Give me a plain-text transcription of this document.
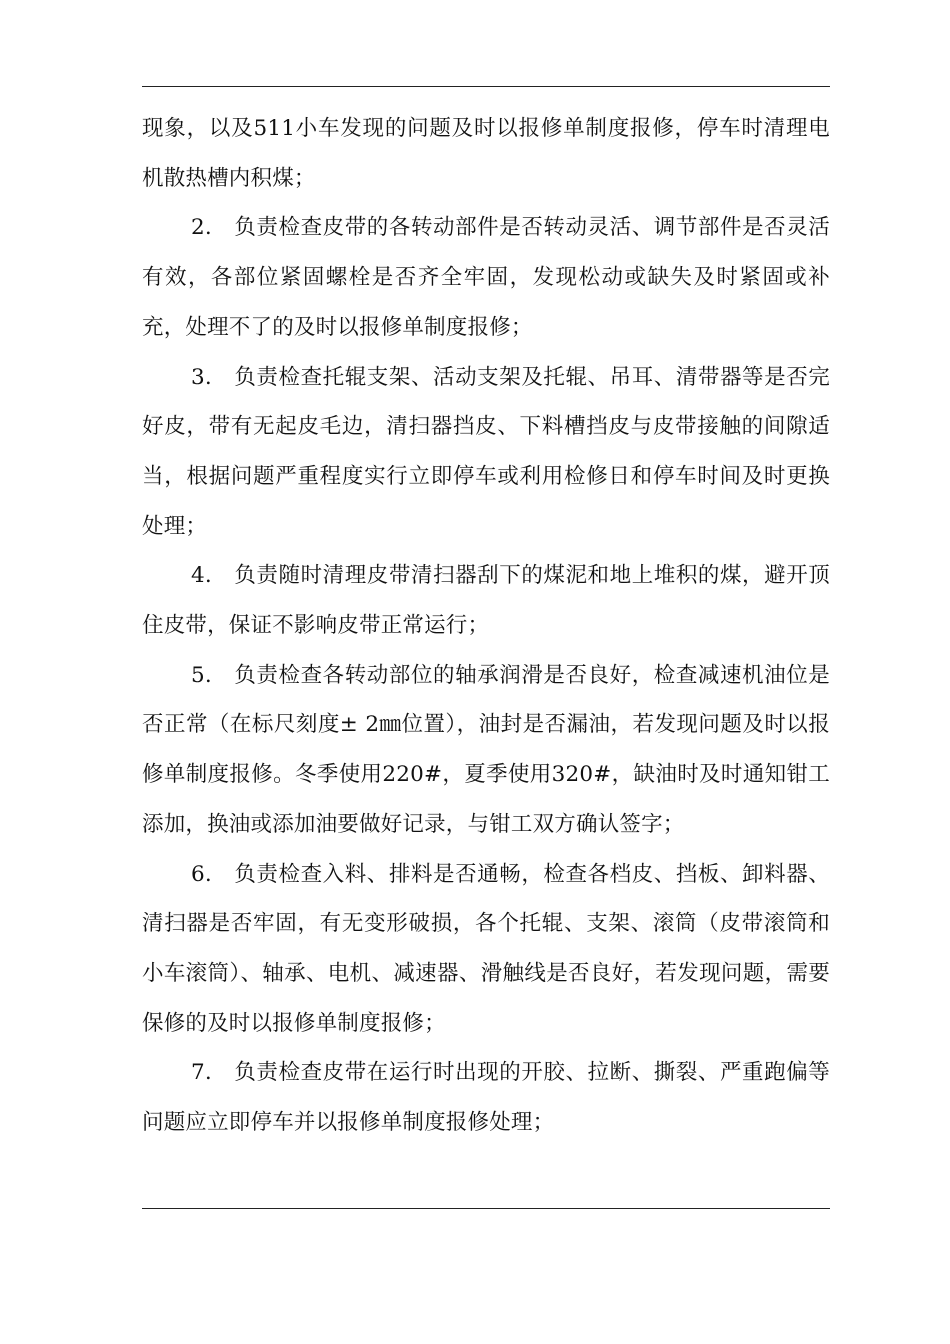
现象，以及511小车发现的问题及时以报修单制度报修，停车时清理电机散热槽内积煤；

2.　负责检查皮带的各转动部件是否转动灵活、调节部件是否灵活有效，各部位紧固螺栓是否齐全牢固，发现松动或缺失及时紧固或补充，处理不了的及时以报修单制度报修；

3.　负责检查托辊支架、活动支架及托辊、吊耳、清带器等是否完好皮，带有无起皮毛边，清扫器挡皮、下料槽挡皮与皮带接触的间隙适当，根据问题严重程度实行立即停车或利用检修日和停车时间及时更换处理；

4.　负责随时清理皮带清扫器刮下的煤泥和地上堆积的煤，避开顶住皮带，保证不影响皮带正常运行；

5.　负责检查各转动部位的轴承润滑是否良好，检查减速机油位是否正常（在标尺刻度± 2㎜位置），油封是否漏油，若发现问题及时以报修单制度报修。冬季使用220#，夏季使用320#，缺油时及时通知钳工添加，换油或添加油要做好记录，与钳工双方确认签字；

6.　负责检查入料、排料是否通畅，检查各档皮、挡板、卸料器、清扫器是否牢固，有无变形破损，各个托辊、支架、滚筒（皮带滚筒和小车滚筒）、轴承、电机、减速器、滑触线是否良好，若发现问题，需要保修的及时以报修单制度报修；

7.　负责检查皮带在运行时出现的开胶、拉断、撕裂、严重跑偏等问题应立即停车并以报修单制度报修处理；
